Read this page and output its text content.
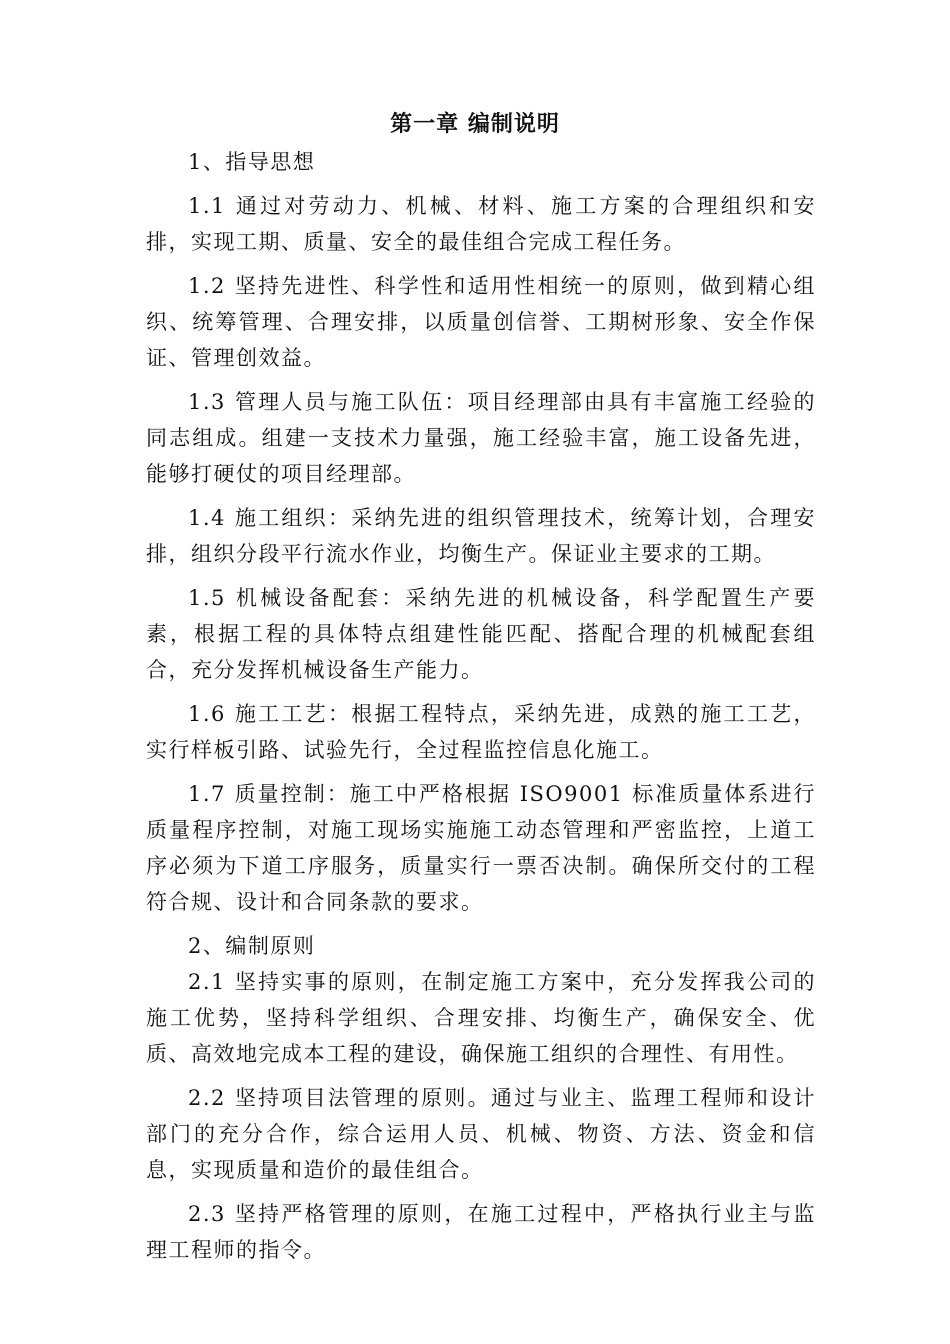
第一章 编制说明

1、指导思想

1.1 通过对劳动力、机械、材料、施工方案的合理组织和安排，实现工期、质量、安全的最佳组合完成工程任务。

1.2 坚持先进性、科学性和适用性相统一的原则，做到精心组织、统筹管理、合理安排，以质量创信誉、工期树形象、安全作保证、管理创效益。

1.3 管理人员与施工队伍：项目经理部由具有丰富施工经验的同志组成。组建一支技术力量强，施工经验丰富，施工设备先进，能够打硬仗的项目经理部。

1.4 施工组织：采纳先进的组织管理技术，统筹计划，合理安排，组织分段平行流水作业，均衡生产。保证业主要求的工期。

1.5 机械设备配套：采纳先进的机械设备，科学配置生产要素，根据工程的具体特点组建性能匹配、搭配合理的机械配套组合，充分发挥机械设备生产能力。

1.6 施工工艺：根据工程特点，采纳先进，成熟的施工工艺，实行样板引路、试验先行，全过程监控信息化施工。

1.7 质量控制：施工中严格根据 ISO9001 标准质量体系进行质量程序控制，对施工现场实施施工动态管理和严密监控，上道工序必须为下道工序服务，质量实行一票否决制。确保所交付的工程符合规、设计和合同条款的要求。

2、编制原则

2.1 坚持实事的原则，在制定施工方案中，充分发挥我公司的施工优势，坚持科学组织、合理安排、均衡生产，确保安全、优质、高效地完成本工程的建设，确保施工组织的合理性、有用性。

2.2 坚持项目法管理的原则。通过与业主、监理工程师和设计部门的充分合作，综合运用人员、机械、物资、方法、资金和信息，实现质量和造价的最佳组合。

2.3 坚持严格管理的原则，在施工过程中，严格执行业主与监理工程师的指令。
